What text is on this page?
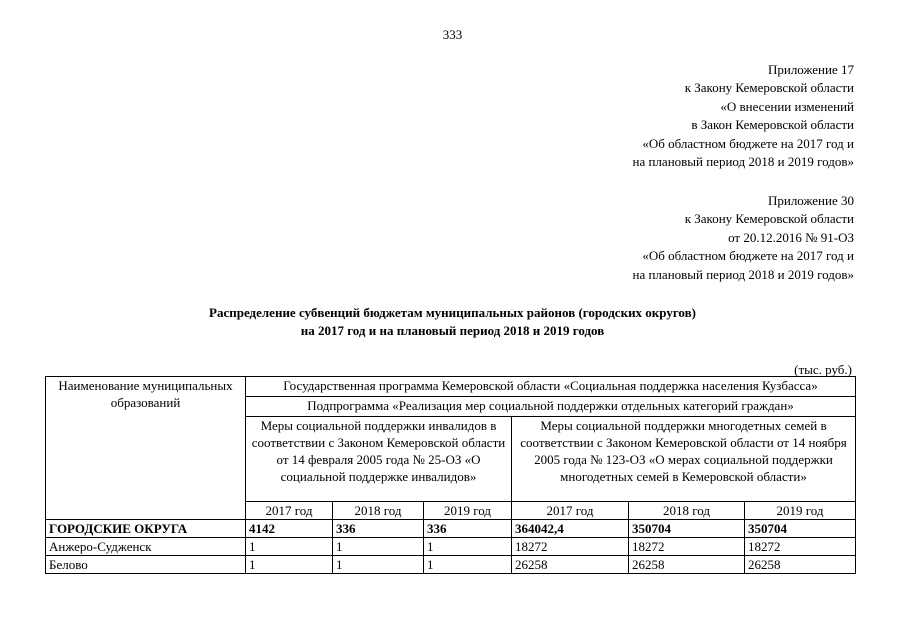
333
Приложение 17
к Закону Кемеровской области
«О внесении изменений
в Закон Кемеровской области
«Об областном бюджете на 2017 год и
на плановый период 2018 и 2019 годов»
Приложение 30
к Закону Кемеровской области
от 20.12.2016 № 91-ОЗ
«Об областном бюджете на 2017 год и
на плановый период 2018 и 2019 годов»
Распределение субвенций бюджетам муниципальных районов (городских округов)
на 2017 год и на плановый период 2018 и 2019 годов
(тыс. руб.)
Наименование муниципальных образований	Государственная программа Кемеровской области «Социальная поддержка населения Кузбасса»					
	Подпрограмма «Реализация мер социальной поддержки отдельных категорий граждан»					
	Меры социальной поддержки инвалидов в соответствии с Законом Кемеровской области от 14 февраля 2005 года № 25-ОЗ «О социальной поддержке инвалидов»			Меры социальной поддержки многодетных семей в соответствии с Законом Кемеровской области от 14 ноября 2005 года № 123-ОЗ «О мерах социальной поддержки многодетных семей в Кемеровской области»		
	2017 год	2018 год	2019 год	2017 год	2018 год	2019 год
ГОРОДСКИЕ ОКРУГА	4142	336	336	364042,4	350704	350704
Анжеро-Судженск	1	1	1	18272	18272	18272
Белово	1	1	1	26258	26258	26258
